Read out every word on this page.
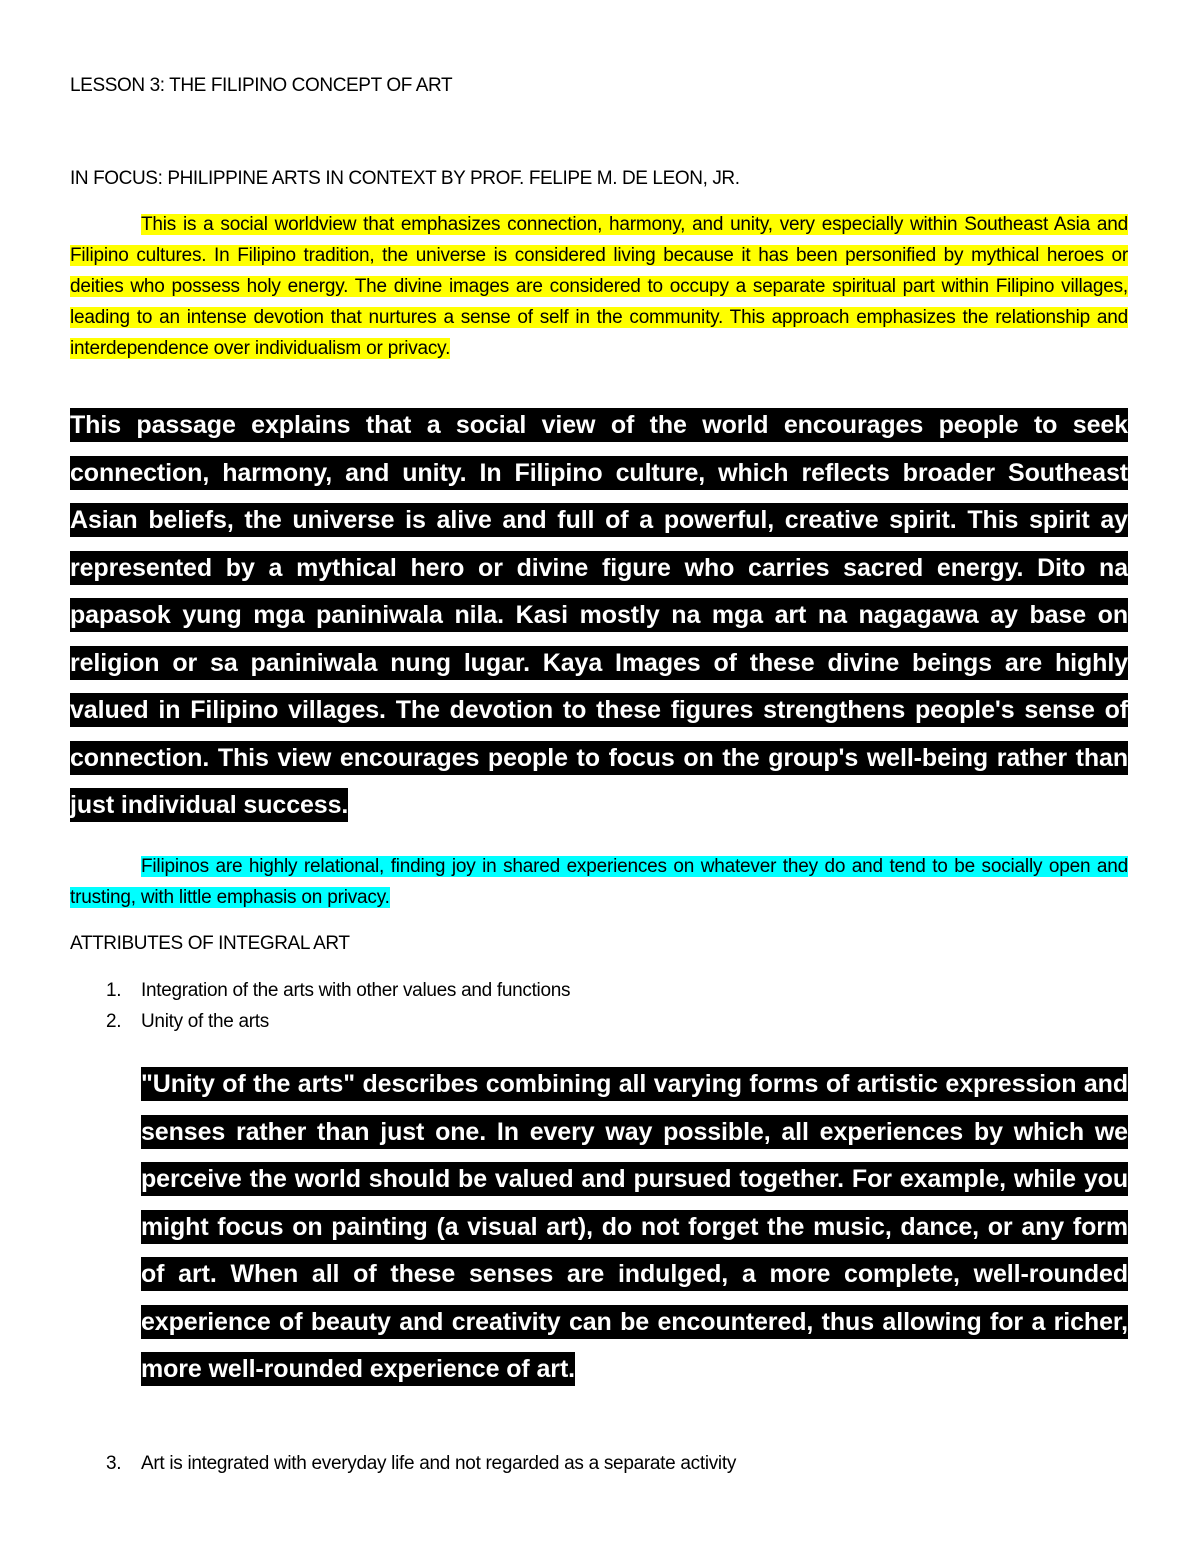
LESSON 3: THE FILIPINO CONCEPT OF ART
IN FOCUS: PHILIPPINE ARTS IN CONTEXT BY PROF. FELIPE M. DE LEON, JR.
This is a social worldview that emphasizes connection, harmony, and unity, very especially within Southeast Asia and Filipino cultures. In Filipino tradition, the universe is considered living because it has been personified by mythical heroes or deities who possess holy energy. The divine images are considered to occupy a separate spiritual part within Filipino villages, leading to an intense devotion that nurtures a sense of self in the community. This approach emphasizes the relationship and interdependence over individualism or privacy.
This passage explains that a social view of the world encourages people to seek connection, harmony, and unity. In Filipino culture, which reflects broader Southeast Asian beliefs, the universe is alive and full of a powerful, creative spirit. This spirit ay represented by a mythical hero or divine figure who carries sacred energy. Dito na papasok yung mga paniniwala nila. Kasi mostly na mga art na nagagawa ay base on religion or sa paniniwala nung lugar. Kaya Images of these divine beings are highly valued in Filipino villages. The devotion to these figures strengthens people's sense of connection. This view encourages people to focus on the group's well-being rather than just individual success.
Filipinos are highly relational, finding joy in shared experiences on whatever they do and tend to be socially open and trusting, with little emphasis on privacy.
ATTRIBUTES OF INTEGRAL ART
1. Integration of the arts with other values and functions
2. Unity of the arts
"Unity of the arts" describes combining all varying forms of artistic expression and senses rather than just one. In every way possible, all experiences by which we perceive the world should be valued and pursued together. For example, while you might focus on painting (a visual art), do not forget the music, dance, or any form of art. When all of these senses are indulged, a more complete, well-rounded experience of beauty and creativity can be encountered, thus allowing for a richer, more well-rounded experience of art.
3. Art is integrated with everyday life and not regarded as a separate activity
